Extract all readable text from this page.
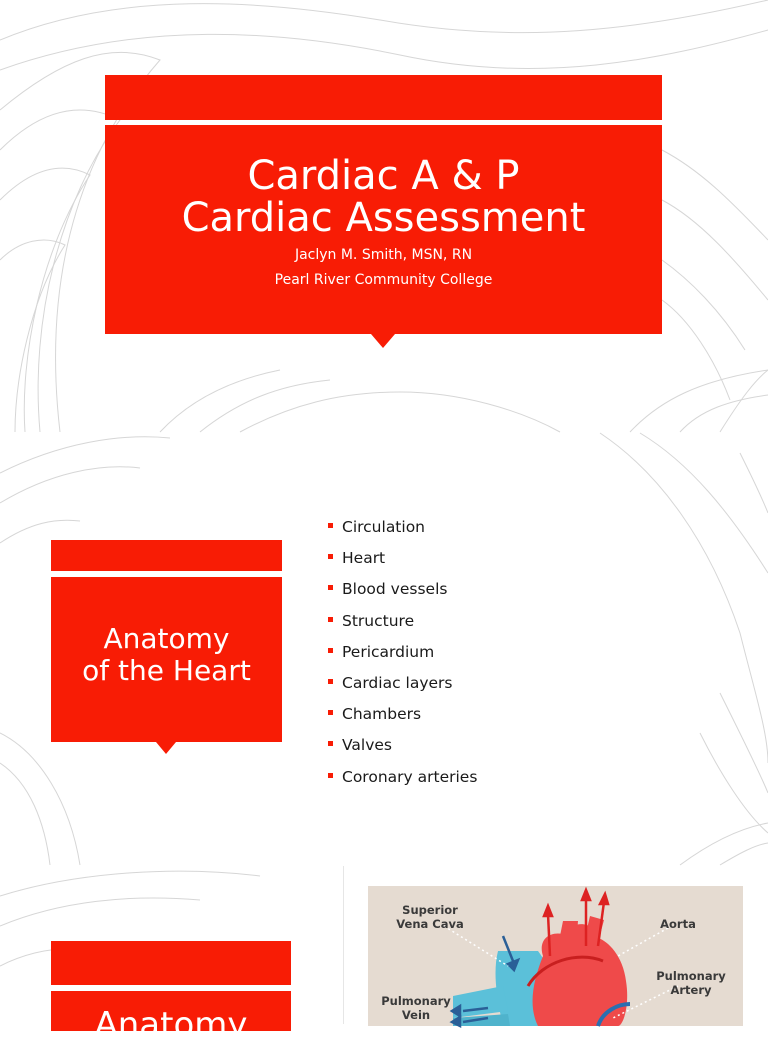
Cardiac A & P
Cardiac Assessment
Jaclyn M. Smith, MSN, RN
Pearl River Community College
Anatomy
of the Heart
Circulation
Heart
Blood vessels
Structure
Pericardium
Cardiac layers
Chambers
Valves
Coronary arteries
Anatomy
Superior
Vena Cava	Aorta
Pulmonary
Artery
Pulmonary
Vein
